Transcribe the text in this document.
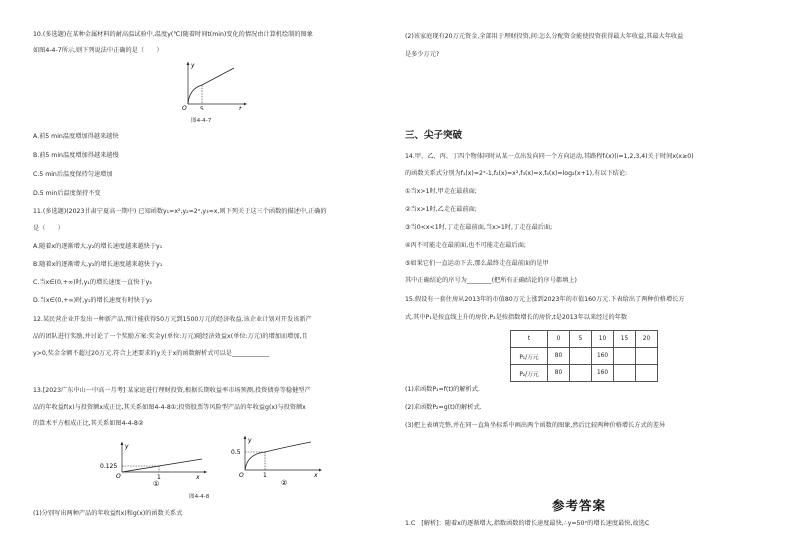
10.(多选题)在某种金属材料的耐高温试验中,温度y(℃)随着时间t(min)变化的情况由计算机绘制的图象
如图4-4-7所示,则下列说法中正确的是（　　）
y
O 5	t
图4-4-7
A.前5 min温度增加得越来越快
B.前5 min温度增加得越来越慢
C.5 min后温度保持匀速增加
D.5 min后温度保持不变
11.(多选题)(2023甘肃宁夏高一期中) 已知函数y₁=x²,y₂=2ˣ,y₃=x,则下列关于这三个函数的描述中,正确的
是（　　）
A.随着x的逐渐增大,y₂的增长速度越来越快于y₁
B.随着x的逐渐增大,y₂的增长速度越来越快于y₁
C.当x∈(0,+∞)时,y₁的增长速度一直快于y₃
D.当x∈(0,+∞)时,y₁的增长速度有时快于y₂
12.某民营企业开发出一种新产品,预计能获得50万元到1500万元的经济收益.该企业计划对开发该新产
品的团队进行奖励,并讨论了一个奖励方案:奖金y(单位:万元)随经济效益x(单位:万元)的增加而增加,且
y>0,奖金金额不超过20万元.符合上述要求的y关于x的函数解析式可以是____________
13.[2023广东中山一中高一月考] 某家庭进行理财投资,根据长期收益率市场预测,投资债券等稳健型产
品的年收益f(x)与投资额x成正比,其关系如图4-4-8①;投资股票等风险型产品的年收益g(x)与投资额x
的算术平方根成正比,其关系如图4-4-8②
y
0.125
O	1	x
①
y
0.5
O	1	x
②
图4-4-8
(1)分别写出两种产品的年收益f(x)和g(x)的函数关系式
(2)该家庭现有20万元资金,全部用于理财投资,问:怎么分配资金能使投资获得最大年收益,其最大年收益
是多少万元?
三、尖子突破
14.甲、乙、丙、丁四个物体同时从某一点出发向同一个方向运动,其路程fᵢ(x)(i=1,2,3,4)关于时间x(x≥0)
的函数关系式分别为f₁(x)=2ˣ-1,f₂(x)=x²,f₃(x)=x,f₄(x)=log₂(x+1),有以下结论:
①当x>1时,甲走在最前面;
②当x>1时,乙走在最前面;
③当0<x<1时,丁走在最前面,当x>1时,丁走在最后面;
④丙不可能走在最前面,也不可能走在最后面;
⑤如果它们一直运动下去,那么最终走在最前面的是甲
其中正确结论的序号为________(把所有正确结论的序号都填上)
15.假设有一套住房从2013年的市值80万元上涨到2023年的市值160万元.下表给出了两种价格增长方
式,其中P₁是按直线上升的房价,P₂是按指数增长的房价,t是2013年以来经过的年数
t	0	5	10	15	20
P₁/万元	80		160		
P₂/万元	80		160		
(1)求函数P₁=f(t)的解析式.
(2)求函数P₂=g(t)的解析式.
(3)把上表填完整,并在同一直角坐标系中画出两个函数的图象,然后比较两种价格增长方式的差异
参考答案
1.C　[解析]：随着x的逐渐增大,指数函数的增长速度最快,∴y=50ˣ的增长速度最快,故选C
